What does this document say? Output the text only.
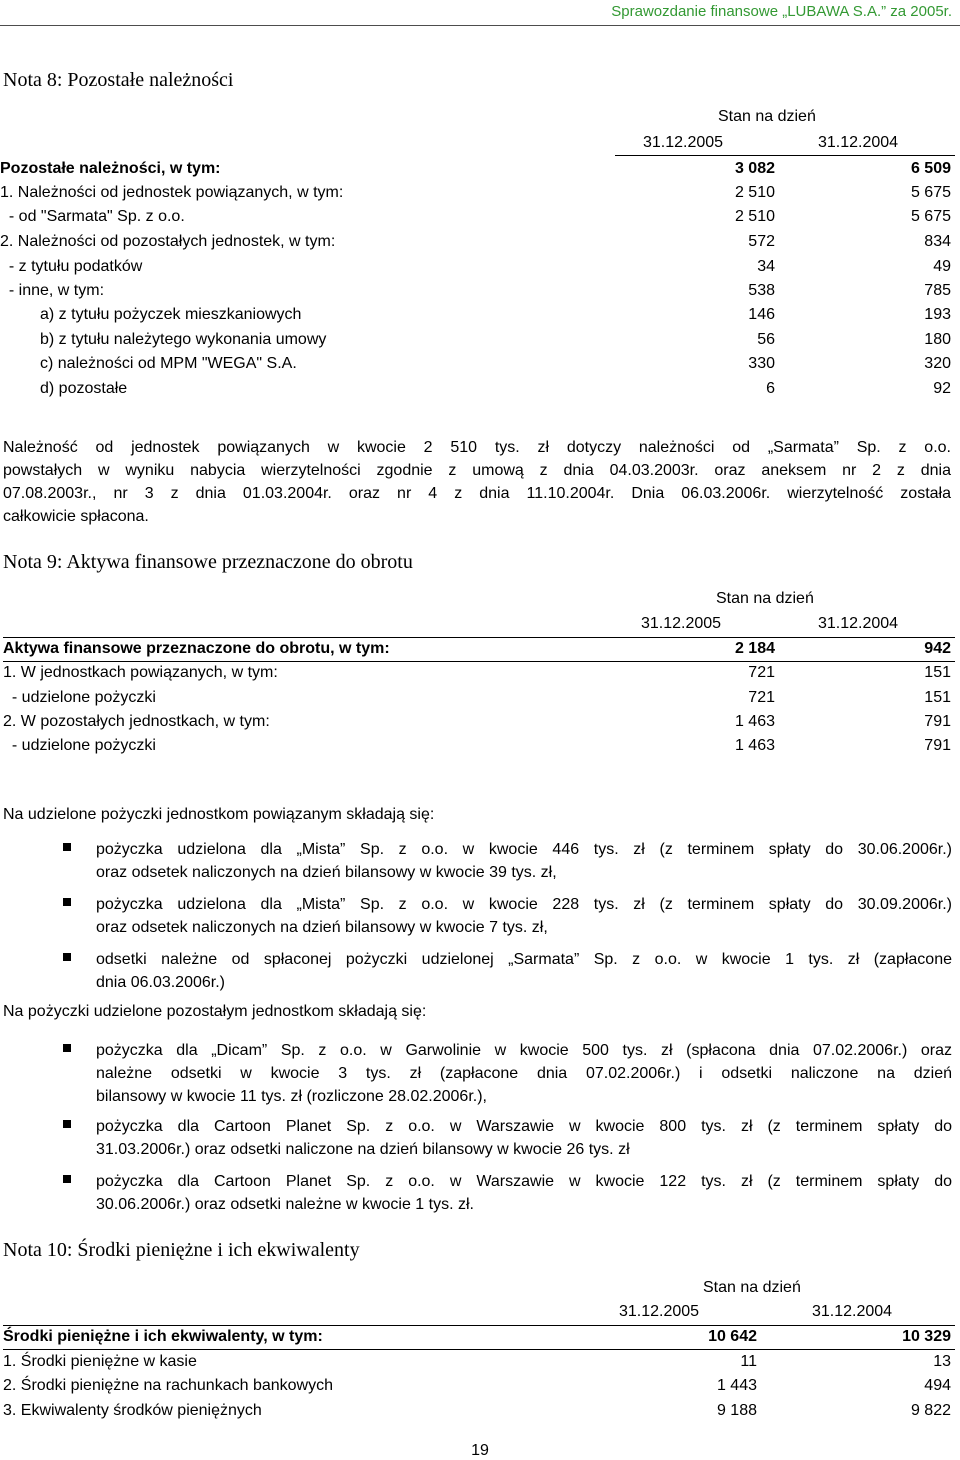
Sprawozdanie finansowe „LUBAWA S.A.” za 2005r.
Nota 8: Pozostałe należności
Stan na dzień
31.12.2005	31.12.2004
Pozostałe należności, w tym:	3 082	6 509
1. Należności od jednostek powiązanych, w tym:	2 510	5 675
- od "Sarmata" Sp. z o.o.	2 510	5 675
2. Należności od pozostałych jednostek, w tym:	572	834
- z tytułu podatków	34	49
- inne, w tym:	538	785
a) z tytułu pożyczek mieszkaniowych	146	193
b) z tytułu należytego wykonania umowy	56	180
c) należności od MPM "WEGA" S.A.	330	320
d) pozostałe	6	92
Należność od jednostek powiązanych w kwocie 2 510 tys. zł dotyczy należności od „Sarmata” Sp. z o.o.
powstałych w wyniku nabycia wierzytelności zgodnie z umową z dnia 04.03.2003r. oraz aneksem nr 2 z dnia
07.08.2003r., nr 3 z dnia 01.03.2004r. oraz nr 4 z dnia 11.10.2004r. Dnia 06.03.2006r. wierzytelność została
całkowicie spłacona.
Nota 9: Aktywa finansowe przeznaczone do obrotu
Stan na dzień
31.12.2005	31.12.2004
Aktywa finansowe przeznaczone do obrotu, w tym:	2 184	942
1. W jednostkach powiązanych, w tym:	721	151
- udzielone pożyczki	721	151
2. W pozostałych jednostkach, w tym:	1 463	791
- udzielone pożyczki	1 463	791
Na udzielone pożyczki jednostkom powiązanym składają się:
pożyczka udzielona dla „Mista” Sp. z o.o. w kwocie 446 tys. zł (z terminem spłaty do 30.06.2006r.)
oraz odsetek naliczonych na dzień bilansowy w kwocie 39 tys. zł,
pożyczka udzielona dla „Mista” Sp. z o.o. w kwocie 228 tys. zł (z terminem spłaty do 30.09.2006r.)
oraz odsetek naliczonych na dzień bilansowy w kwocie 7 tys. zł,
odsetki należne od spłaconej pożyczki udzielonej „Sarmata” Sp. z o.o. w kwocie 1 tys. zł (zapłacone
dnia 06.03.2006r.)
Na pożyczki udzielone pozostałym jednostkom składają się:
pożyczka dla „Dicam” Sp. z o.o. w Garwolinie w kwocie 500 tys. zł (spłacona dnia 07.02.2006r.) oraz
należne odsetki w kwocie 3 tys. zł (zapłacone dnia 07.02.2006r.) i odsetki naliczone na dzień
bilansowy w kwocie 11 tys. zł (rozliczone 28.02.2006r.),
pożyczka dla Cartoon Planet Sp. z o.o. w Warszawie w kwocie 800 tys. zł (z terminem spłaty do
31.03.2006r.) oraz odsetki naliczone na dzień bilansowy w kwocie 26 tys. zł
pożyczka dla Cartoon Planet Sp. z o.o. w Warszawie w kwocie 122 tys. zł (z terminem spłaty do
30.06.2006r.) oraz odsetki należne w kwocie 1 tys. zł.
Nota 10: Środki pieniężne i ich ekwiwalenty
Stan na dzień
31.12.2005	31.12.2004
Środki pieniężne i ich ekwiwalenty, w tym:	10 642	10 329
1. Środki pieniężne w kasie	11	13
2. Środki pieniężne na rachunkach bankowych	1 443	494
3. Ekwiwalenty środków pieniężnych	9 188	9 822
19
